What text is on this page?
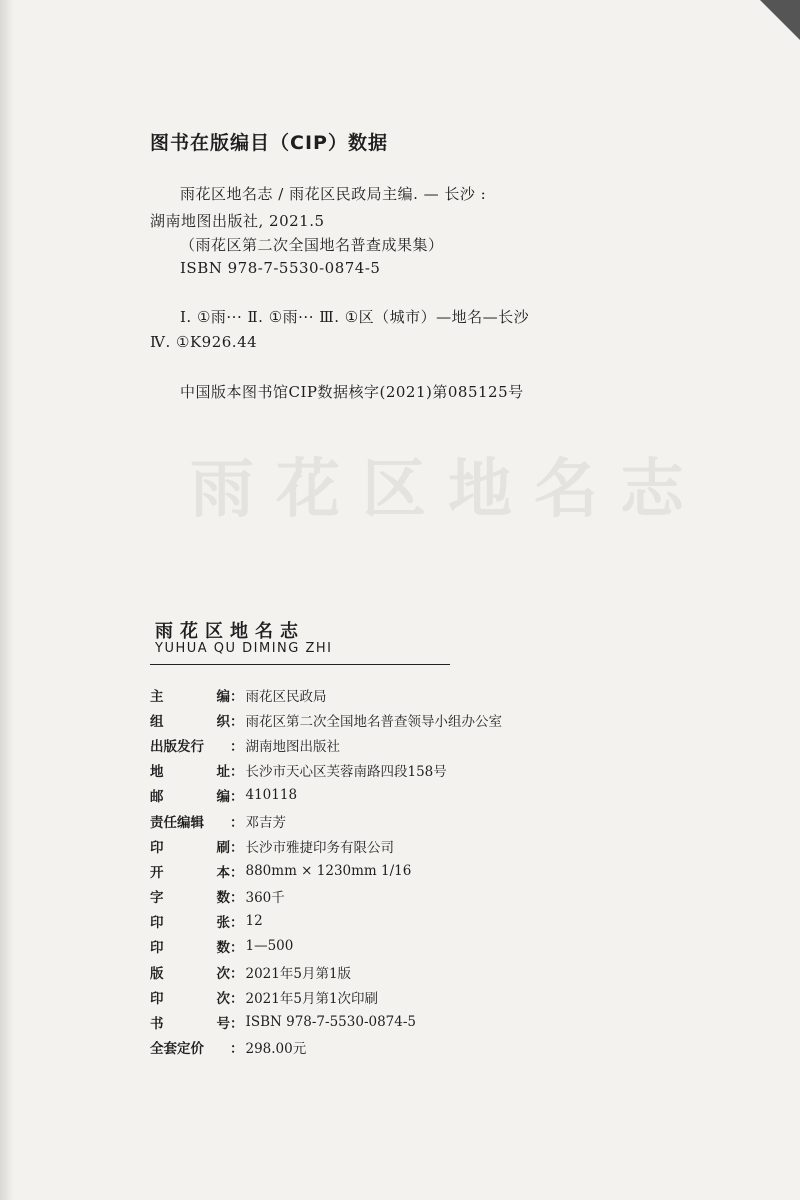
雨花区地名志
图书在版编目（CIP）数据
雨花区地名志 / 雨花区民政局主编. — 长沙 :
湖南地图出版社, 2021.5
（雨花区第二次全国地名普查成果集）
ISBN 978-7-5530-0874-5
Ⅰ. ①雨··· Ⅱ. ①雨··· Ⅲ. ①区（城市）—地名—长沙
Ⅳ. ①K926.44
中国版本图书馆CIP数据核字(2021)第085125号
雨花区地名志
YUHUA QU DIMING ZHI
主	编 ： 雨花区民政局
组	织 ： 雨花区第二次全国地名普查领导小组办公室
出版发行	： 湖南地图出版社
地	址 ： 长沙市天心区芙蓉南路四段158号
邮	编 ： 410118
责任编辑	： 邓吉芳
印	刷 ： 长沙市雅捷印务有限公司
开	本 ： 880mm × 1230mm 1/16
字	数 ： 360千
印	张 ： 12
印	数 ： 1—500
版	次 ： 2021年5月第1版
印	次 ： 2021年5月第1次印刷
书	号 ： ISBN 978-7-5530-0874-5
全套定价	： 298.00元
